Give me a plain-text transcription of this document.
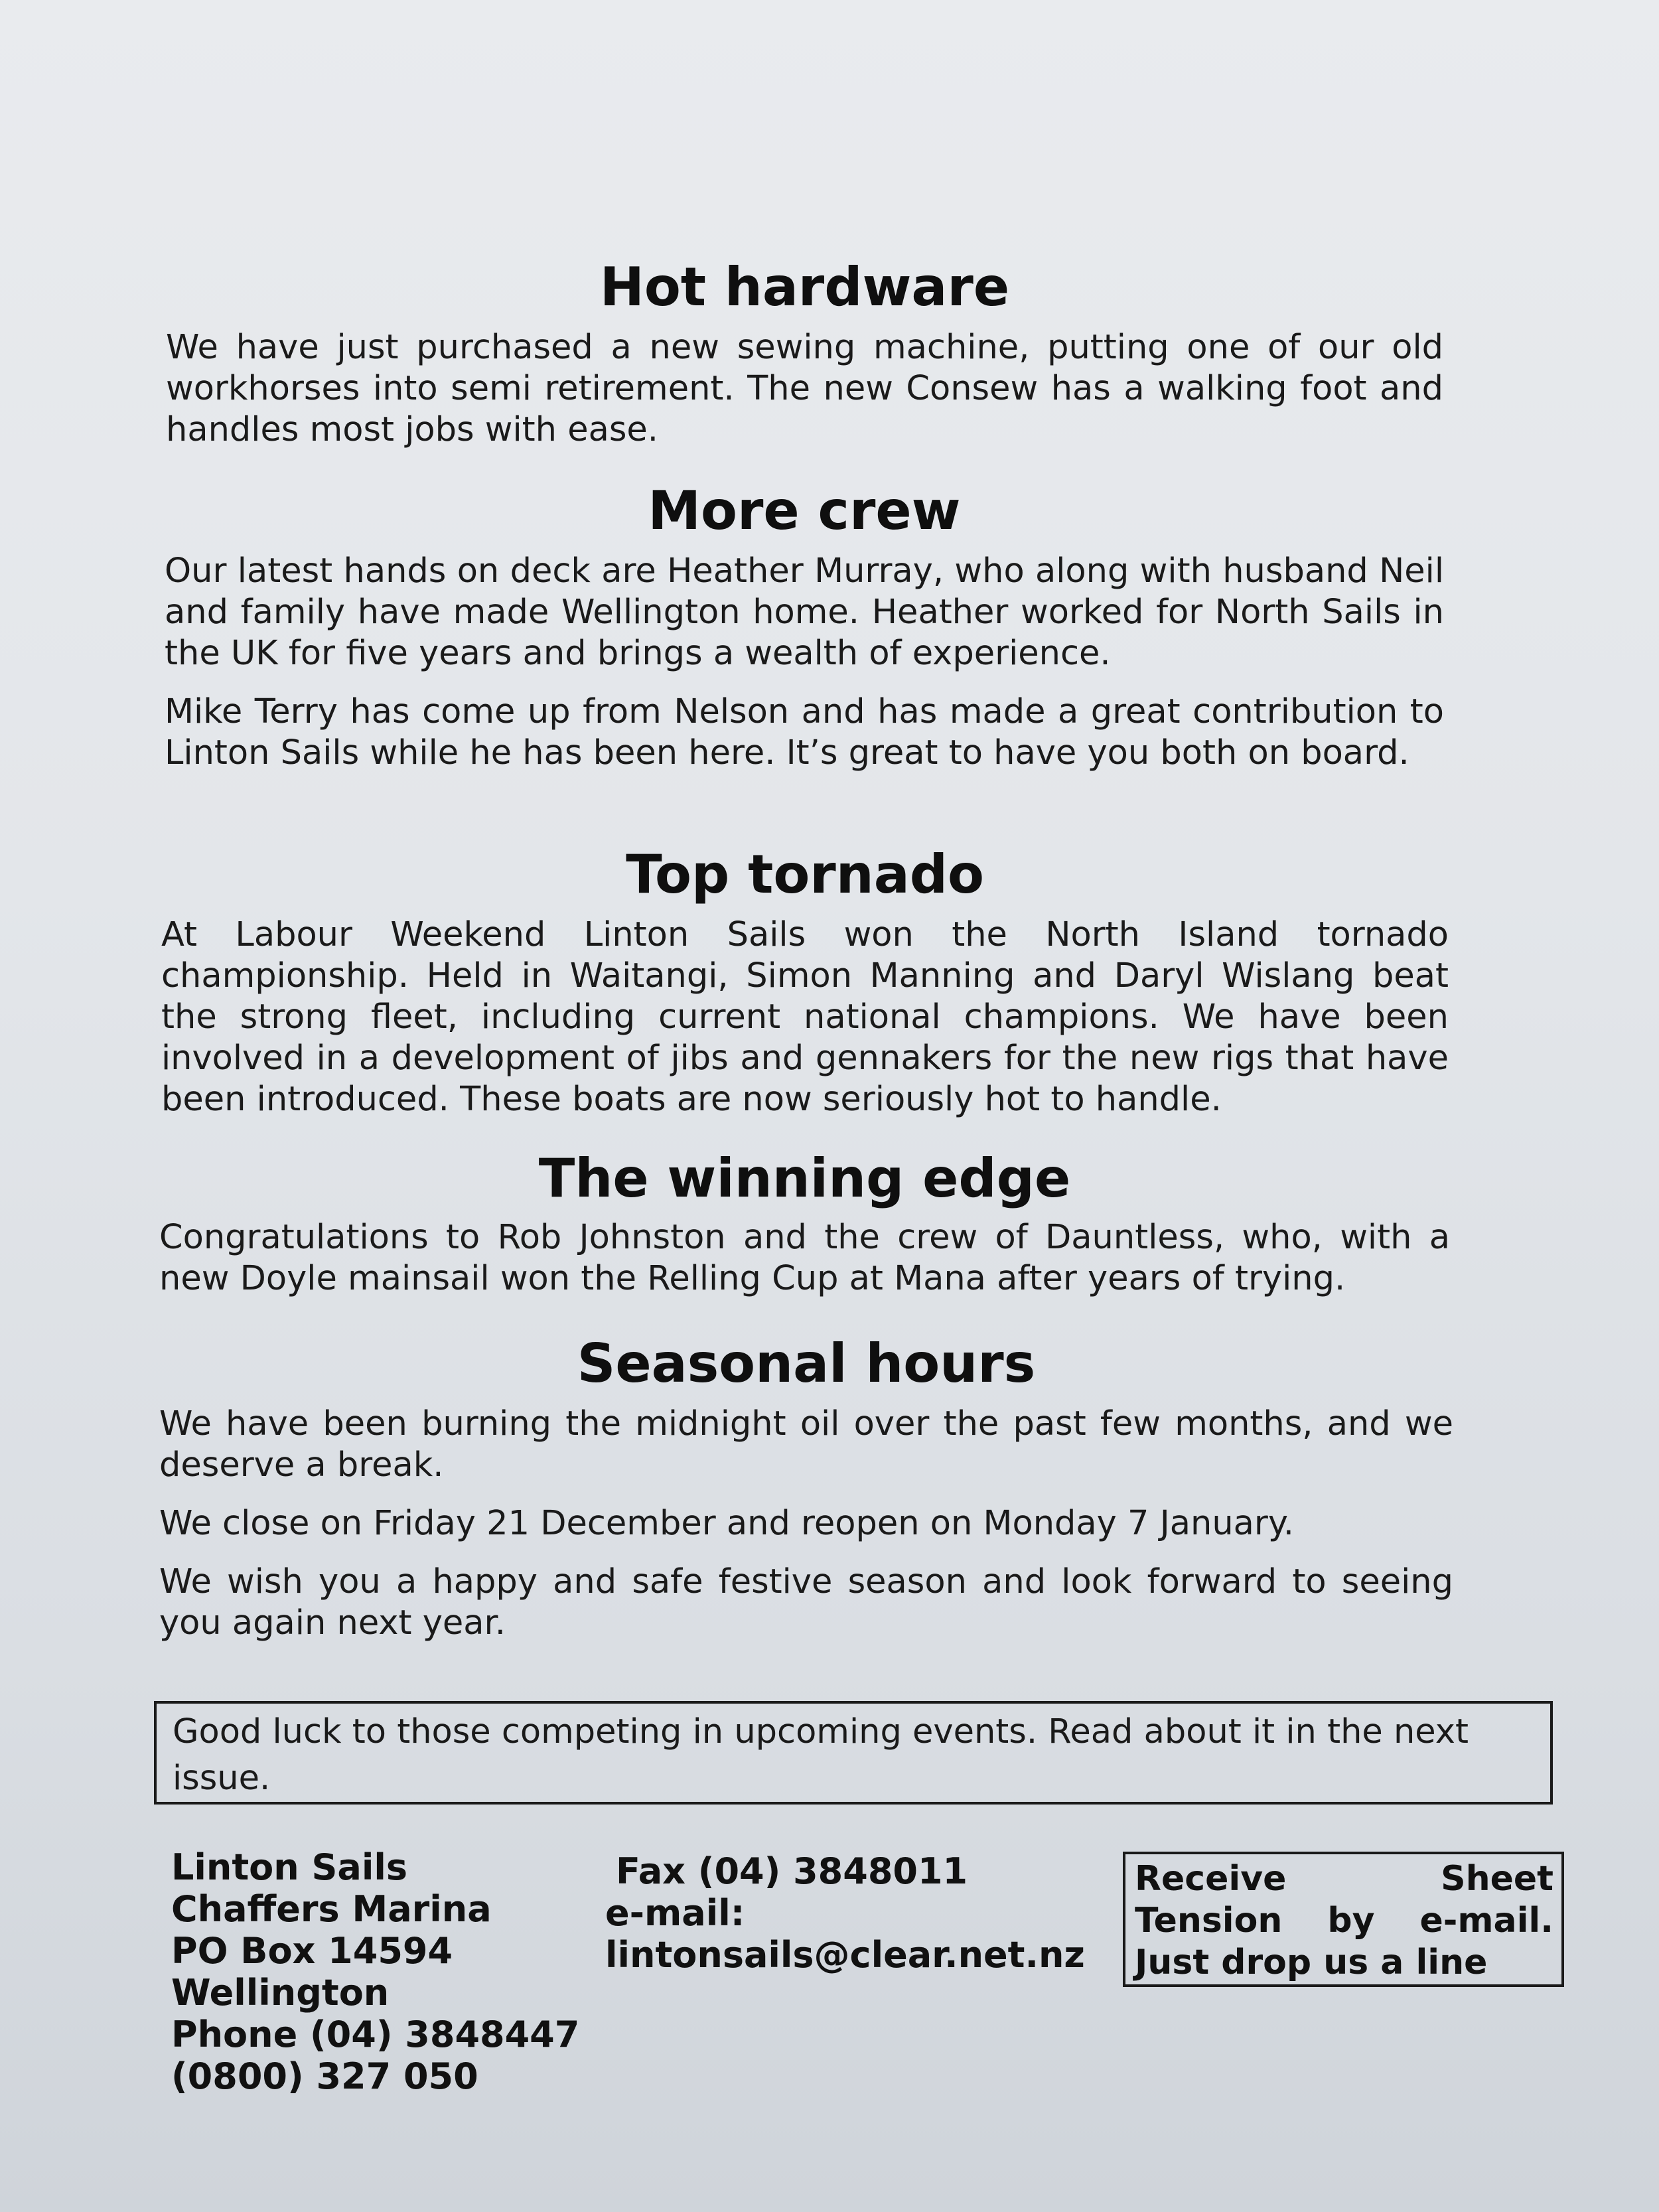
Hot hardware

We have just purchased a new sewing machine, putting one of our old workhorses into semi retirement. The new Consew has a walking foot and handles most jobs with ease.

More crew

Our latest hands on deck are Heather Murray, who along with husband Neil and family have made Wellington home. Heather worked for North Sails in the UK for five years and brings a wealth of experience.

Mike Terry has come up from Nelson and has made a great contribution to Linton Sails while he has been here. It’s great to have you both on board.

Top tornado

At Labour Weekend Linton Sails won the North Island tornado championship. Held in Waitangi, Simon Manning and Daryl Wislang beat the strong fleet, including current national champions. We have been involved in a development of jibs and gennakers for the new rigs that have been introduced. These boats are now seriously hot to handle.

The winning edge

Congratulations to Rob Johnston and the crew of Dauntless, who, with a new Doyle mainsail won the Relling Cup at Mana after years of trying.

Seasonal hours

We have been burning the midnight oil over the past few months, and we deserve a break.

We close on Friday 21 December and reopen on Monday 7 January.

We wish you a happy and safe festive season and look forward to seeing you again next year.

Good luck to those competing in upcoming events. Read about it in the next issue.
Linton Sails
Chaffers Marina
PO Box 14594
Wellington
Phone (04) 3848447
(0800) 327 050
Fax (04) 3848011
e-mail:
lintonsails@clear.net.nz
Receive	Sheet
Tension by e-mail.
Just drop us a line
